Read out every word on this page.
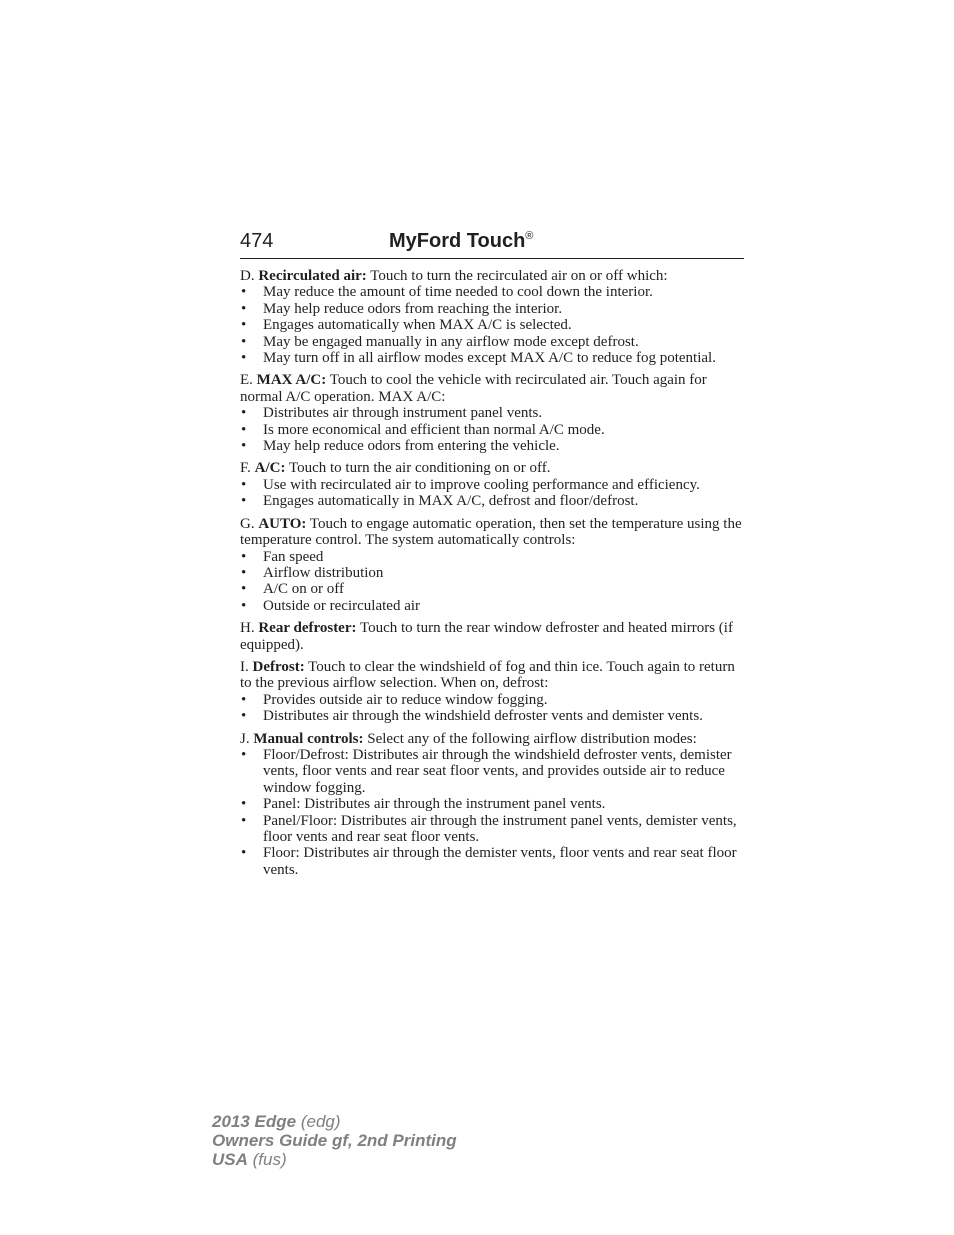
474	MyFord Touch®

D. Recirculated air: Touch to turn the recirculated air on or off which:

• May reduce the amount of time needed to cool down the interior.
• May help reduce odors from reaching the interior.
• Engages automatically when MAX A/C is selected.
• May be engaged manually in any airflow mode except defrost.
• May turn off in all airflow modes except MAX A/C to reduce fog potential.

E. MAX A/C: Touch to cool the vehicle with recirculated air. Touch again for normal A/C operation. MAX A/C:

• Distributes air through instrument panel vents.
• Is more economical and efficient than normal A/C mode.
• May help reduce odors from entering the vehicle.

F. A/C: Touch to turn the air conditioning on or off.

• Use with recirculated air to improve cooling performance and efficiency.
• Engages automatically in MAX A/C, defrost and floor/defrost.

G. AUTO: Touch to engage automatic operation, then set the temperature using the temperature control. The system automatically controls:

• Fan speed
• Airflow distribution
• A/C on or off
• Outside or recirculated air

H. Rear defroster: Touch to turn the rear window defroster and heated mirrors (if equipped).

I. Defrost: Touch to clear the windshield of fog and thin ice. Touch again to return to the previous airflow selection. When on, defrost:

• Provides outside air to reduce window fogging.
• Distributes air through the windshield defroster vents and demister vents.

J. Manual controls: Select any of the following airflow distribution modes:

• Floor/Defrost: Distributes air through the windshield defroster vents, demister vents, floor vents and rear seat floor vents, and provides outside air to reduce window fogging.
• Panel: Distributes air through the instrument panel vents.
• Panel/Floor: Distributes air through the instrument panel vents, demister vents, floor vents and rear seat floor vents.
• Floor: Distributes air through the demister vents, floor vents and rear seat floor vents.
2013 Edge (edg)
Owners Guide gf, 2nd Printing
USA (fus)
